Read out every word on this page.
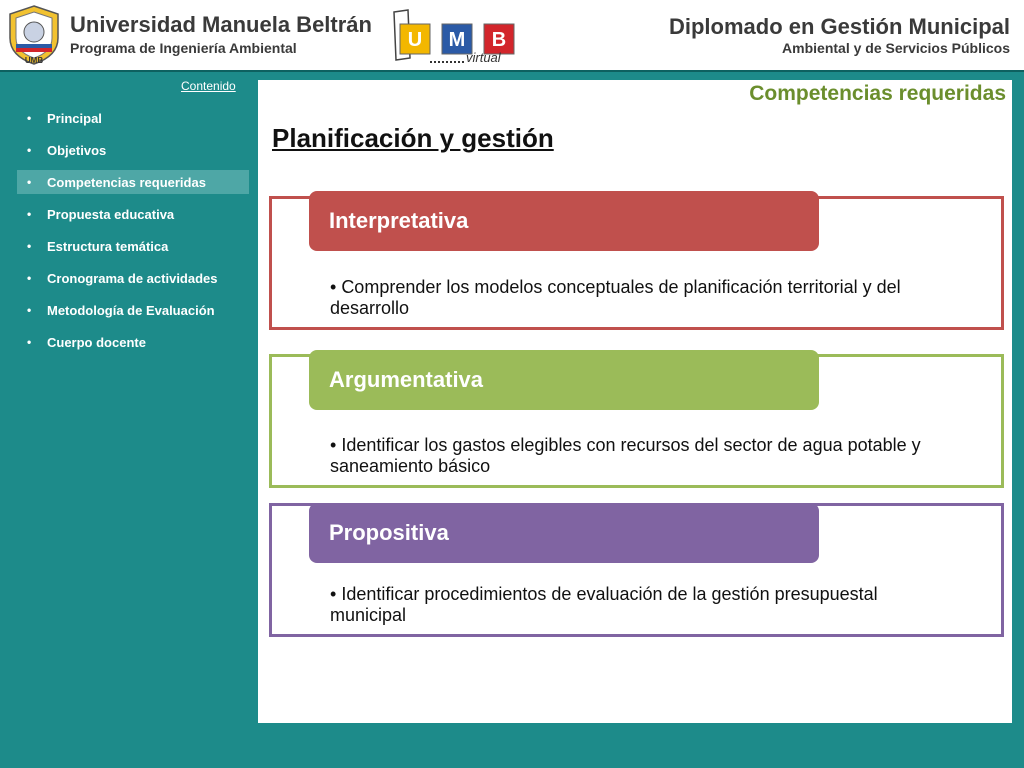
UMB
Universidad Manuela Beltrán
Programa de Ingeniería Ambiental	U M B
virtual
Diplomado en Gestión Municipal
Ambiental y de Servicios Públicos
Contenido
•	Principal
•	Objetivos
•	Competencias requeridas
•	Propuesta educativa
•	Estructura temática
•	Cronograma de actividades
•	Metodología de Evaluación
•	Cuerpo docente
Competencias requeridas
Planificación y gestión
• Comprender los modelos conceptuales de planificación territorial y del desarrollo
Interpretativa
• Identificar los gastos elegibles con recursos del sector de agua potable y saneamiento básico
Argumentativa
• Identificar procedimientos de evaluación de la gestión presupuestal municipal
Propositiva
